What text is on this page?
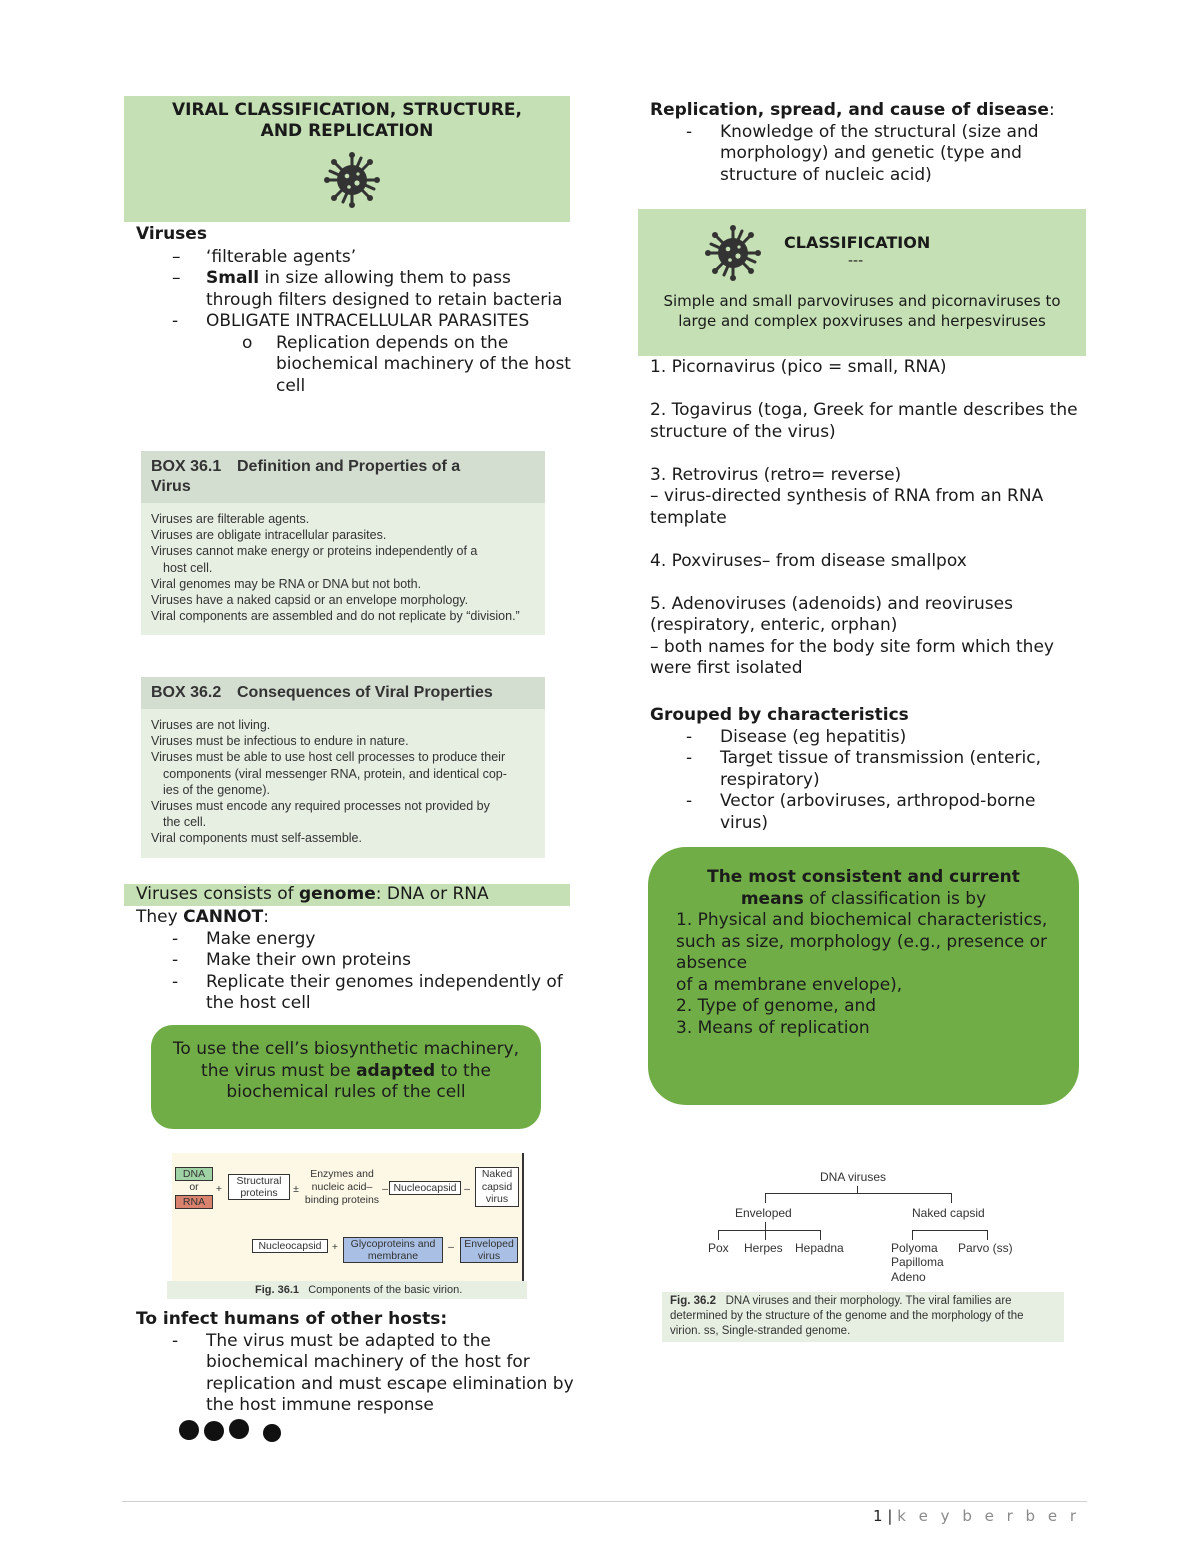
VIRAL CLASSIFICATION, STRUCTURE,
AND REPLICATION
Viruses
– ‘filterable agents’
– Small in size allowing them to pass through filters designed to retain bacteria
- OBLIGATE INTRACELLULAR PARASITES
o Replication depends on the biochemical machinery of the host cell
BOX 36.1 Definition and Properties of a
Virus
Viruses are filterable agents.
Viruses are obligate intracellular parasites.
Viruses cannot make energy or proteins independently of a
host cell.
Viral genomes may be RNA or DNA but not both.
Viruses have a naked capsid or an envelope morphology.
Viral components are assembled and do not replicate by “division.”
BOX 36.2 Consequences of Viral Properties
Viruses are not living.
Viruses must be infectious to endure in nature.
Viruses must be able to use host cell processes to produce their
components (viral messenger RNA, protein, and identical cop-
ies of the genome).
Viruses must encode any required processes not provided by
the cell.
Viral components must self-assemble.
Viruses consists of genome: DNA or RNA
They CANNOT:
- Make energy
- Make their own proteins
- Replicate their genomes independently of the host cell
To use the cell’s biosynthetic machinery, the virus must be adapted to the biochemical rules of the cell
DNA
or
RNA
+
Structural proteins	±
Enzymes and nucleic acid– binding proteins
– Nucleocapsid –
Naked capsid virus
Nucleocapsid +	Glycoproteins and membrane
– Enveloped virus
Fig. 36.1 Components of the basic virion.
To infect humans of other hosts:
- The virus must be adapted to the biochemical machinery of the host for replication and must escape elimination by the host immune response
Replication, spread, and cause of disease:
- Knowledge of the structural (size and morphology) and genetic (type and structure of nucleic acid)
CLASSIFICATION
---
Simple and small parvoviruses and picornaviruses to large and complex poxviruses and herpesviruses
1. Picornavirus (pico = small, RNA)
2. Togavirus (toga, Greek for mantle describes the structure of the virus)
3. Retrovirus (retro= reverse)
– virus-directed synthesis of RNA from an RNA template
4. Poxviruses– from disease smallpox
5. Adenoviruses (adenoids) and reoviruses (respiratory, enteric, orphan)
– both names for the body site form which they were first isolated
Grouped by characteristics
- Disease (eg hepatitis)
- Target tissue of transmission (enteric, respiratory)
- Vector (arboviruses, arthropod-borne virus)
The most consistent and current
means of classification is by
1. Physical and biochemical characteristics,
such as size, morphology (e.g., presence or absence
of a membrane envelope),
2. Type of genome, and
3. Means of replication
DNA viruses
Enveloped	Naked capsid
Pox Herpes Hepadna	Polyoma
Papilloma
Adeno
Parvo (ss)
Fig. 36.2 DNA viruses and their morphology. The viral families are determined by the structure of the genome and the morphology of the virion. ss, Single-stranded genome.
1 | k e y b e r b e r
